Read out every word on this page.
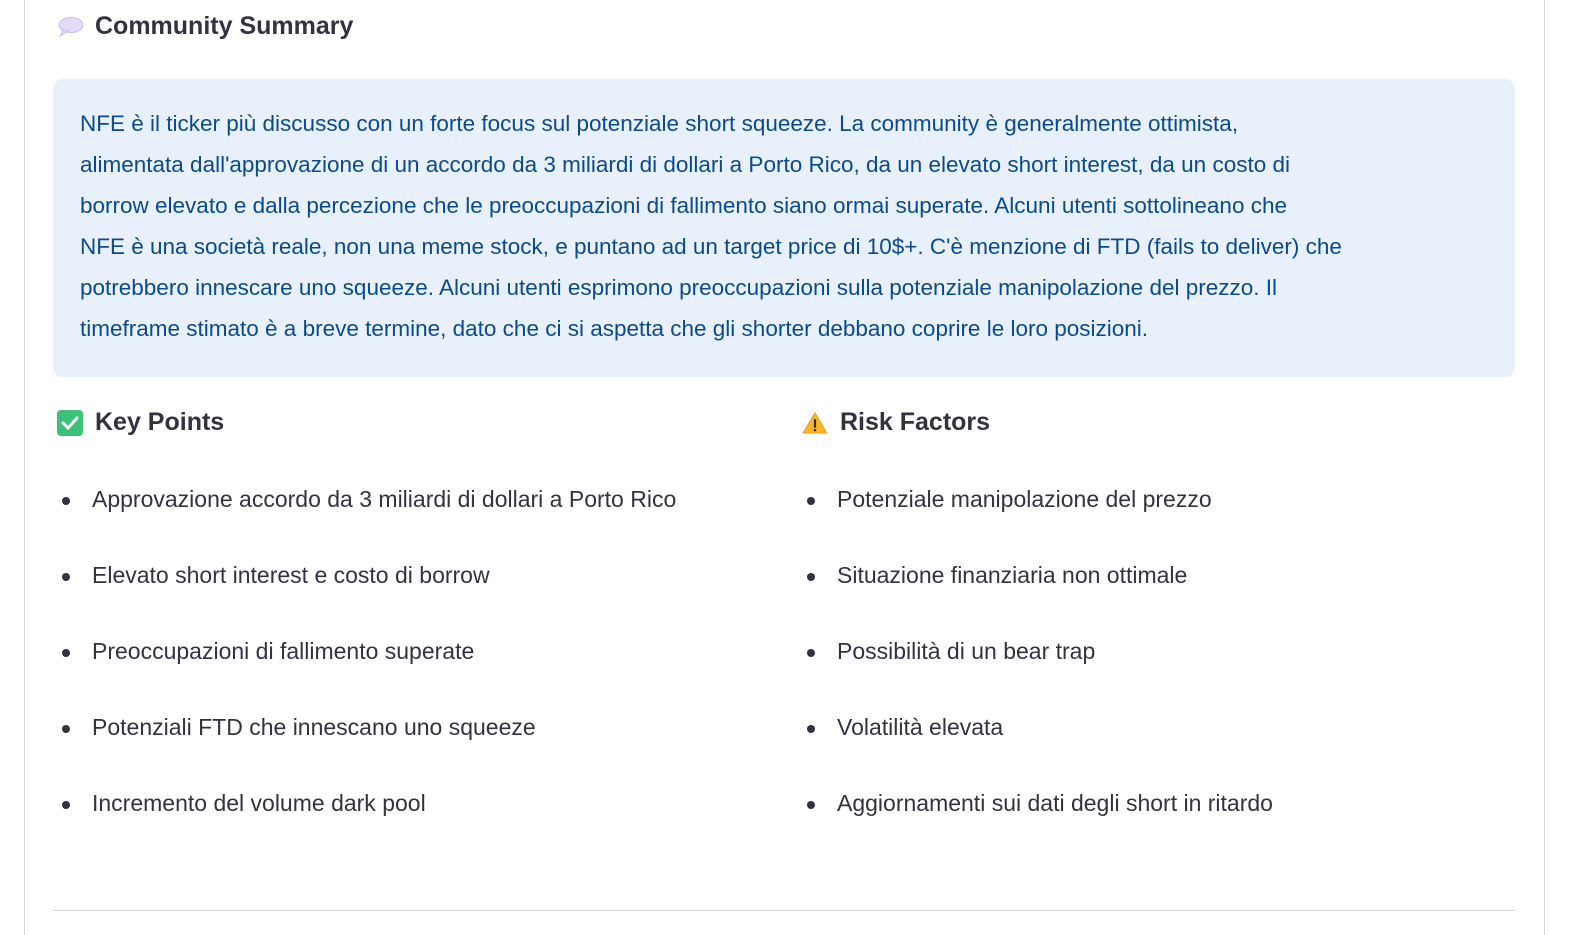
Community Summary
NFE è il ticker più discusso con un forte focus sul potenziale short squeeze. La community è generalmente ottimista,
alimentata dall'approvazione di un accordo da 3 miliardi di dollari a Porto Rico, da un elevato short interest, da un costo di
borrow elevato e dalla percezione che le preoccupazioni di fallimento siano ormai superate. Alcuni utenti sottolineano che
NFE è una società reale, non una meme stock, e puntano ad un target price di 10$+. C'è menzione di FTD (fails to deliver) che
potrebbero innescare uno squeeze. Alcuni utenti esprimono preoccupazioni sulla potenziale manipolazione del prezzo. Il
timeframe stimato è a breve termine, dato che ci si aspetta che gli shorter debbano coprire le loro posizioni.
Key Points
Approvazione accordo da 3 miliardi di dollari a Porto Rico
Elevato short interest e costo di borrow
Preoccupazioni di fallimento superate
Potenziali FTD che innescano uno squeeze
Incremento del volume dark pool
Risk Factors
Potenziale manipolazione del prezzo
Situazione finanziaria non ottimale
Possibilità di un bear trap
Volatilità elevata
Aggiornamenti sui dati degli short in ritardo
